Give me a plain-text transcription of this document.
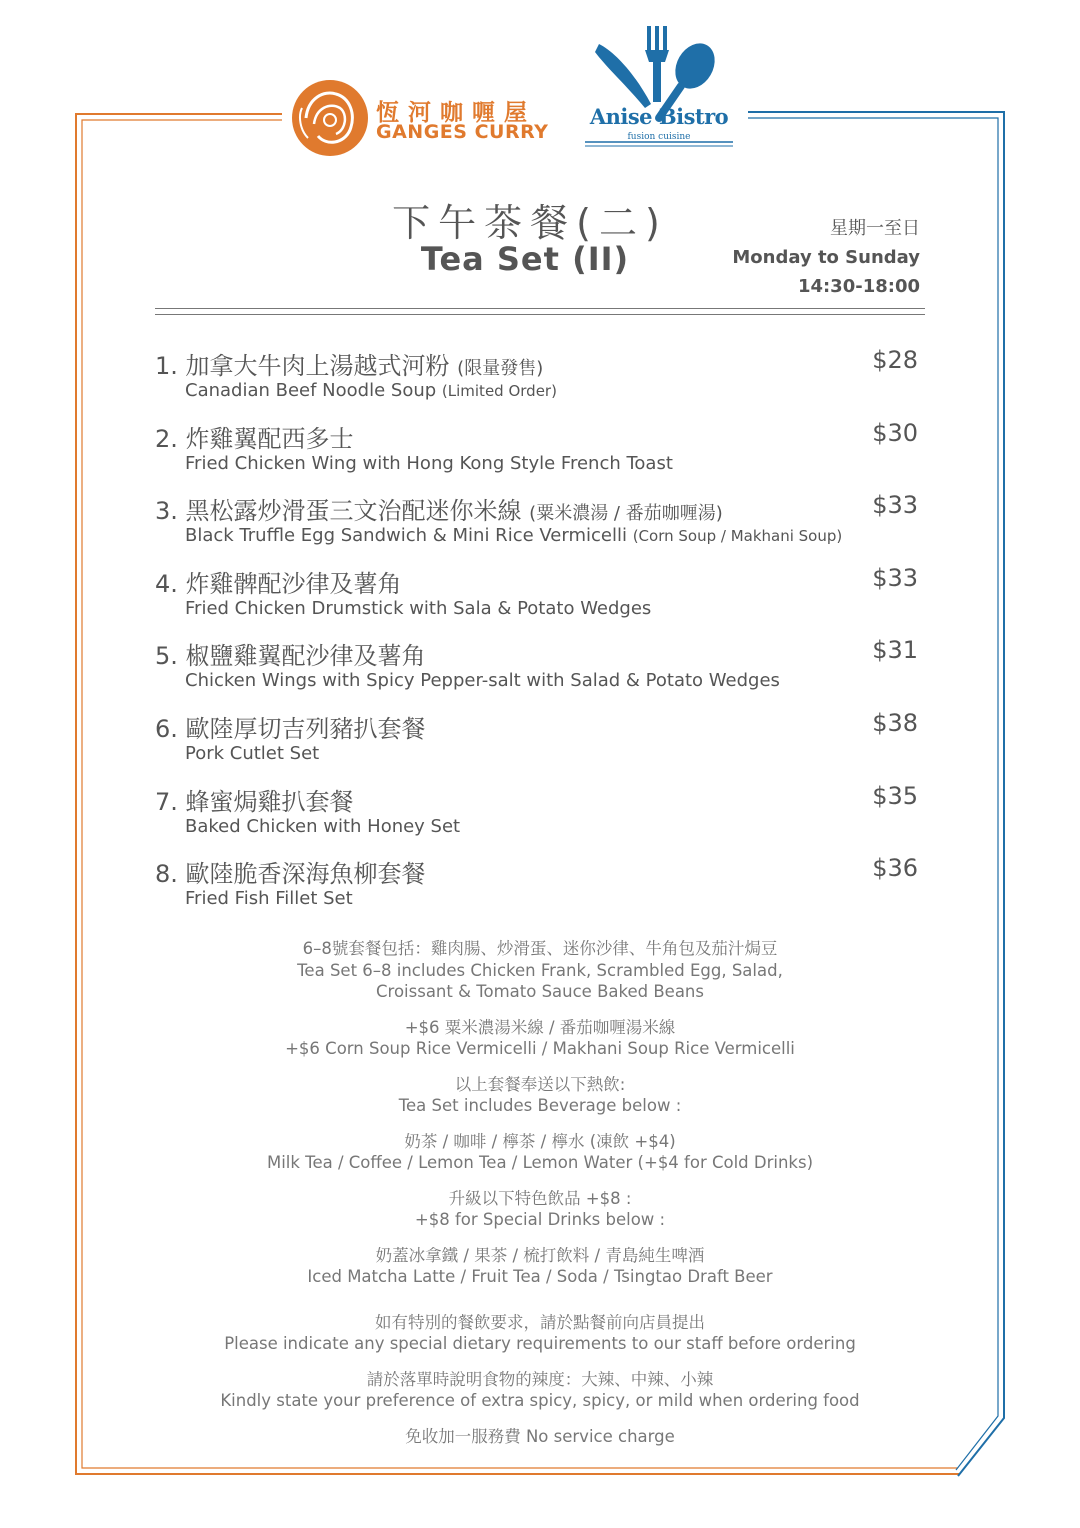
恆河咖喱屋
GANGES CURRY
Anise Bistro
fusion cuisine
下午茶餐(二)
Tea Set (II)
星期一至日
Monday to Sunday
14:30-18:00
1. 加拿大牛肉上湯越式河粉 (限量發售)
Canadian Beef Noodle Soup (Limited Order)
$28
2. 炸雞翼配西多士
Fried Chicken Wing with Hong Kong Style French Toast
$30
3. 黑松露炒滑蛋三文治配迷你米線 (粟米濃湯 / 番茄咖喱湯)
Black Truffle Egg Sandwich & Mini Rice Vermicelli (Corn Soup / Makhani Soup)
$33
4. 炸雞髀配沙律及薯角
Fried Chicken Drumstick with Sala & Potato Wedges
$33
5. 椒鹽雞翼配沙律及薯角
Chicken Wings with Spicy Pepper-salt with Salad & Potato Wedges
$31
6. 歐陸厚切吉列豬扒套餐
Pork Cutlet Set
$38
7. 蜂蜜焗雞扒套餐
Baked Chicken with Honey Set
$35
8. 歐陸脆香深海魚柳套餐
Fried Fish Fillet Set
$36

6–8號套餐包括：雞肉腸、炒滑蛋、迷你沙律、牛角包及茄汁焗豆
Tea Set 6–8 includes Chicken Frank, Scrambled Egg, Salad,
Croissant & Tomato Sauce Baked Beans

+$6 粟米濃湯米線 / 番茄咖喱湯米線
+$6 Corn Soup Rice Vermicelli / Makhani Soup Rice Vermicelli

以上套餐奉送以下熱飲:
Tea Set includes Beverage below :

奶茶 / 咖啡 / 檸茶 / 檸水 (凍飲 +$4)
Milk Tea / Coffee / Lemon Tea / Lemon Water (+$4 for Cold Drinks)

升級以下特色飲品 +$8 :
+$8 for Special Drinks below :

奶蓋冰拿鐵 / 果茶 / 梳打飲料 / 青島純生啤酒
Iced Matcha Latte / Fruit Tea / Soda / Tsingtao Draft Beer

如有特別的餐飲要求，請於點餐前向店員提出
Please indicate any special dietary requirements to our staff before ordering

請於落單時說明食物的辣度：大辣、中辣、小辣
Kindly state your preference of extra spicy, spicy, or mild when ordering food

免收加一服務費 No service charge
